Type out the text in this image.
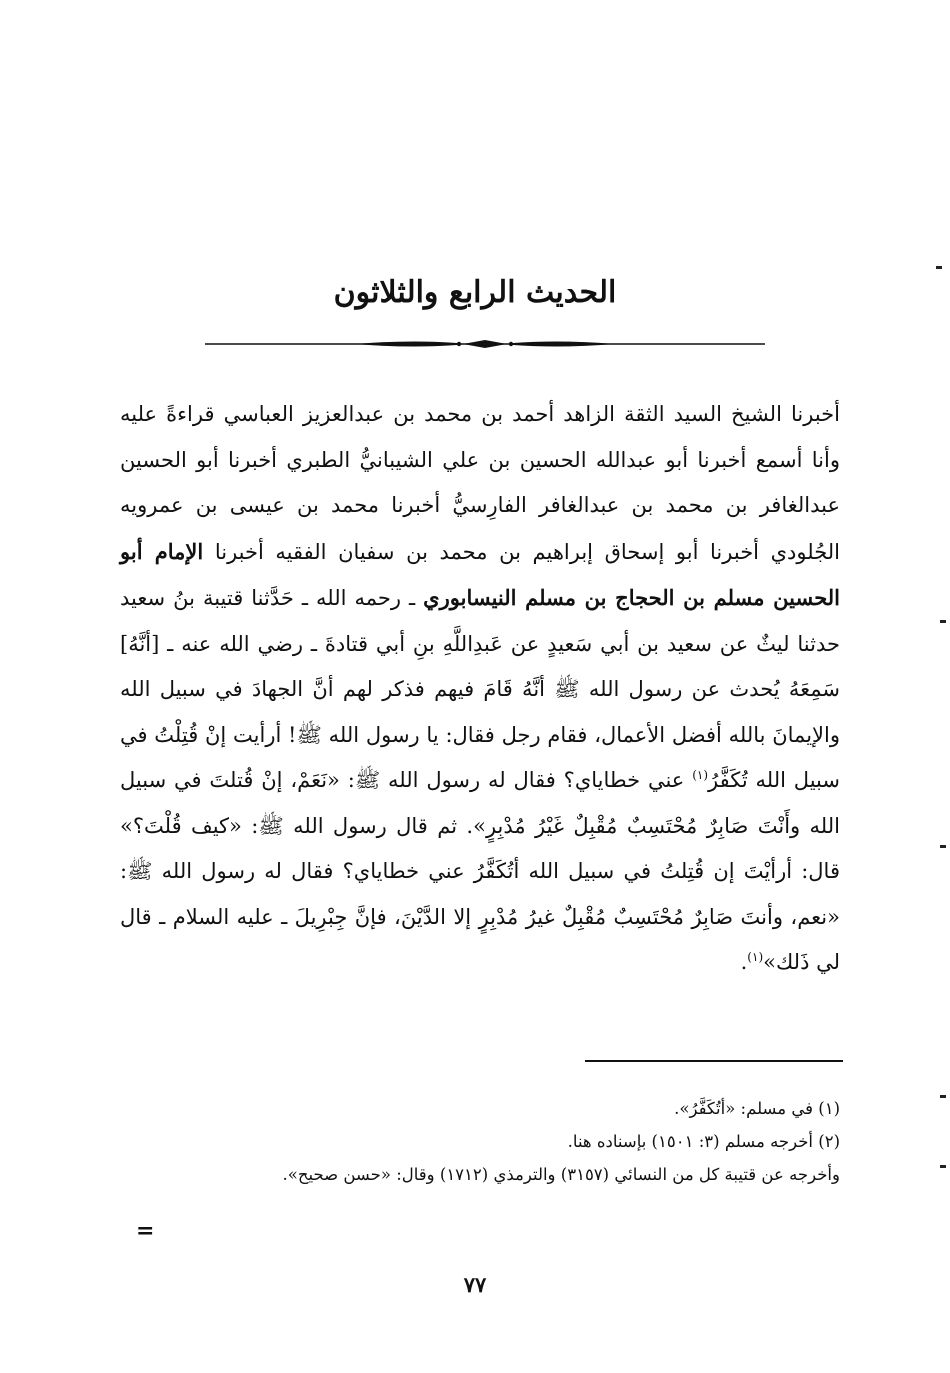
الحديث الرابع والثلاثون

أخبرنا الشيخ السيد الثقة الزاهد أحمد بن محمد بن عبدالعزيز العباسي قراءةً عليه وأنا أسمع أخبرنا أبو عبدالله الحسين بن علي الشيبانيُّ الطبري أخبرنا أبو الحسين عبدالغافر بن محمد بن عبدالغافر الفارِسيُّ أخبرنا محمد بن عيسى بن عمرويه الجُلودي أخبرنا أبو إسحاق إبراهيم بن محمد بن سفيان الفقيه أخبرنا الإمام أبو الحسين مسلم بن الحجاج بن مسلم النيسابوري ـ رحمه الله ـ حَدَّثنا قتيبة بنُ سعيد حدثنا ليثٌ عن سعيد بن أبي سَعيدٍ عن عَبدِاللَّهِ بنِ أبي قتادةَ ـ رضي الله عنه ـ [أنَّهُ] سَمِعَهُ يُحدث عن رسول الله ﷺ أنَّهُ قَامَ فيهم فذكر لهم أنَّ الجهادَ في سبيل الله والإيمانَ بالله أفضل الأعمال، فقام رجل فقال: يا رسول الله ﷺ! أرأيت إنْ قُتِلْتُ في سبيل الله تُكَفَّرُ$^{(١)}$ عني خطاياي؟ فقال له رسول الله ﷺ: «نَعَمْ، إنْ قُتلتَ في سبيل الله وأَنْتَ صَابِرٌ مُحْتَسِبٌ مُقْبِلٌ غَيْرُ مُدْبِرٍ». ثم قال رسول الله ﷺ: «كيف قُلْتَ؟» قال: أرأيْتَ إن قُتِلتُ في سبيل الله أتُكَفَّرُ عني خطاياي؟ فقال له رسول الله ﷺ: «نعم، وأنتَ صَابِرٌ مُحْتَسِبٌ مُقْبِلٌ غيرُ مُدْبِرٍ إلا الدَّيْنَ، فإنَّ جِبْرِيلَ ـ عليه السلام ـ قال لي ذَلك»$^{(١)}$.

(١) في مسلم: «أتُكَفَّرُ».

(٢) أخرجه مسلم (٣: ١٥٠١) بإسناده هنا.

وأخرجه عن قتيبة كل من النسائي (٣١٥٧) والترمذي (١٧١٢) وقال: «حسن صحيح».

=
٧٧
